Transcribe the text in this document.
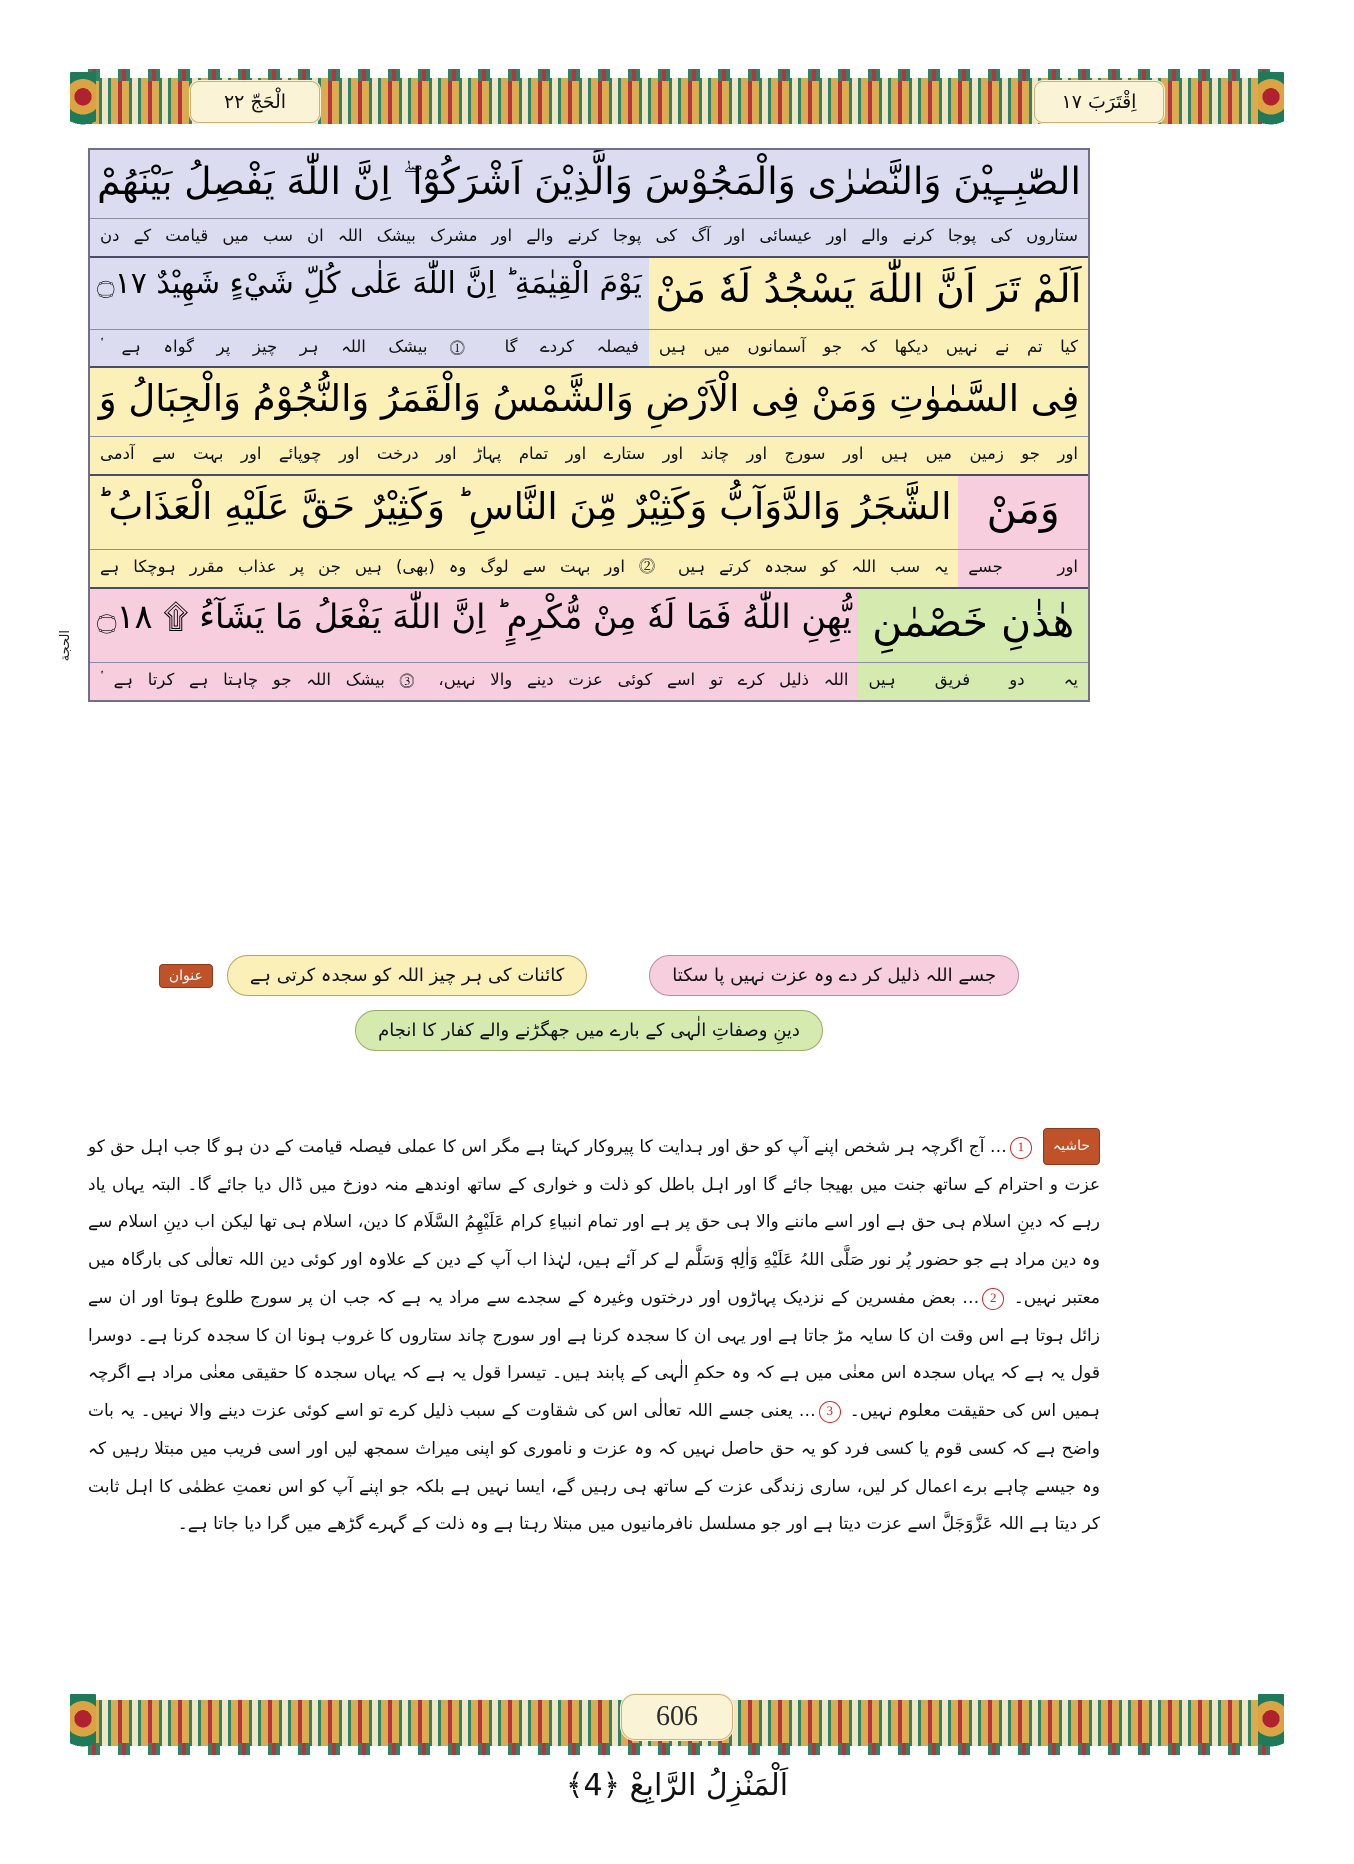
الْحَجّ ٢٢	اِقْتَرَبَ ١٧
الحجة
الصّٰبِــِٕيْنَ وَالنَّصٰرٰى وَالْمَجُوْسَ وَالَّذِيْنَ اَشْرَكُوْٓا ۖ اِنَّ اللّٰهَ يَفْصِلُ بَيْنَهُمْ
ستاروں کی پوجا کرنے والے اور عیسائی اور آگ کی پوجا کرنے والے اور مشرک بیشک اللہ ان سب میں قیامت کے دن
اَلَمْ تَرَ اَنَّ اللّٰهَ يَسْجُدُ لَهٗ مَنْ
يَوْمَ الْقِيٰمَةِ ؕ اِنَّ اللّٰهَ عَلٰى كُلِّ شَيْءٍ شَهِيْدٌ ۝١٧
کیا تم نے نہیں دیکھا کہ جو آسمانوں میں ہیں
فیصلہ کردے گا ⓵ بیشک اللہ ہر چیز پر گواہ ہے ۟
فِى السَّمٰوٰتِ وَمَنْ فِى الْاَرْضِ وَالشَّمْسُ وَالْقَمَرُ وَالنُّجُوْمُ وَالْجِبَالُ وَ
اور جو زمین میں ہیں اور سورج اور چاند اور ستارے اور تمام پہاڑ اور درخت اور چوپائے اور بہت سے آدمی
وَمَنْ
الشَّجَرُ وَالدَّوَآبُّ وَكَثِيْرٌ مِّنَ النَّاسِ ؕ وَكَثِيْرٌ حَقَّ عَلَيْهِ الْعَذَابُ ؕ
اور جسے
یہ سب اللہ کو سجدہ کرتے ہیں ⓶ اور بہت سے لوگ وہ (بھی) ہیں جن پر عذاب مقرر ہوچکا ہے
هٰذٰنِ خَصْمٰنِ
يُّهِنِ اللّٰهُ فَمَا لَهٗ مِنْ مُّكْرِمٍ ؕ اِنَّ اللّٰهَ يَفْعَلُ مَا يَشَآءُ ۩ ۝١٨
یہ دو فریق ہیں
اللہ ذلیل کرے تو اسے کوئی عزت دینے والا نہیں، ⓷ بیشک اللہ جو چاہتا ہے کرتا ہے ۟
جسے اللہ ذلیل کر دے وہ عزت نہیں پا سکتا
کائنات کی ہر چیز اللہ کو سجدہ کرتی ہے
عنوان
دینِ وصفاتِ الٰہی کے بارے میں جھگڑنے والے کفار کا انجام
حاشیہ1… آج اگرچہ ہر شخص اپنے آپ کو حق اور ہدایت کا پیروکار کہتا ہے مگر اس کا عملی فیصلہ قیامت کے دن ہو گا جب اہل حق کو عزت و احترام کے ساتھ جنت میں بھیجا جائے گا اور اہل باطل کو ذلت و خواری کے ساتھ اوندھے منہ دوزخ میں ڈال دیا جائے گا۔ البتہ یہاں یاد رہے کہ دینِ اسلام ہی حق ہے اور اسے ماننے والا ہی حق پر ہے اور تمام انبیاءِ کرام عَلَیْهِمُ السَّلَام کا دین، اسلام ہی تھا لیکن اب دینِ اسلام سے وہ دین مراد ہے جو حضور پُر نور صَلَّی اللہُ عَلَیْهِ وَاٰلِهٖ وَسَلَّم لے کر آئے ہیں، لہٰذا اب آپ کے دین کے علاوہ اور کوئی دین اللہ تعالٰی کی بارگاہ میں معتبر نہیں۔ 2… بعض مفسرین کے نزدیک پہاڑوں اور درختوں وغیرہ کے سجدے سے مراد یہ ہے کہ جب ان پر سورج طلوع ہوتا اور ان سے زائل ہوتا ہے اس وقت ان کا سایہ مڑ جاتا ہے اور یہی ان کا سجدہ کرنا ہے اور سورج چاند ستاروں کا غروب ہونا ان کا سجدہ کرنا ہے۔ دوسرا قول یہ ہے کہ یہاں سجدہ اس معنٰی میں ہے کہ وہ حکمِ الٰہی کے پابند ہیں۔ تیسرا قول یہ ہے کہ یہاں سجدہ کا حقیقی معنٰی مراد ہے اگرچہ ہمیں اس کی حقیقت معلوم نہیں۔ 3… یعنی جسے اللہ تعالٰی اس کی شقاوت کے سبب ذلیل کرے تو اسے کوئی عزت دینے والا نہیں۔ یہ بات واضح ہے کہ کسی قوم یا کسی فرد کو یہ حق حاصل نہیں کہ وہ عزت و ناموری کو اپنی میراث سمجھ لیں اور اسی فریب میں مبتلا رہیں کہ وہ جیسے چاہے برے اعمال کر لیں، ساری زندگی عزت کے ساتھ ہی رہیں گے، ایسا نہیں ہے بلکہ جو اپنے آپ کو اس نعمتِ عظمٰی کا اہل ثابت کر دیتا ہے اللہ عَزَّوَجَلَّ اسے عزت دیتا ہے اور جو مسلسل نافرمانیوں میں مبتلا رہتا ہے وہ ذلت کے گہرے گڑھے میں گرا دیا جاتا ہے۔
606
اَلْمَنْزِلُ الرَّابِعْ ﴿4﴾
